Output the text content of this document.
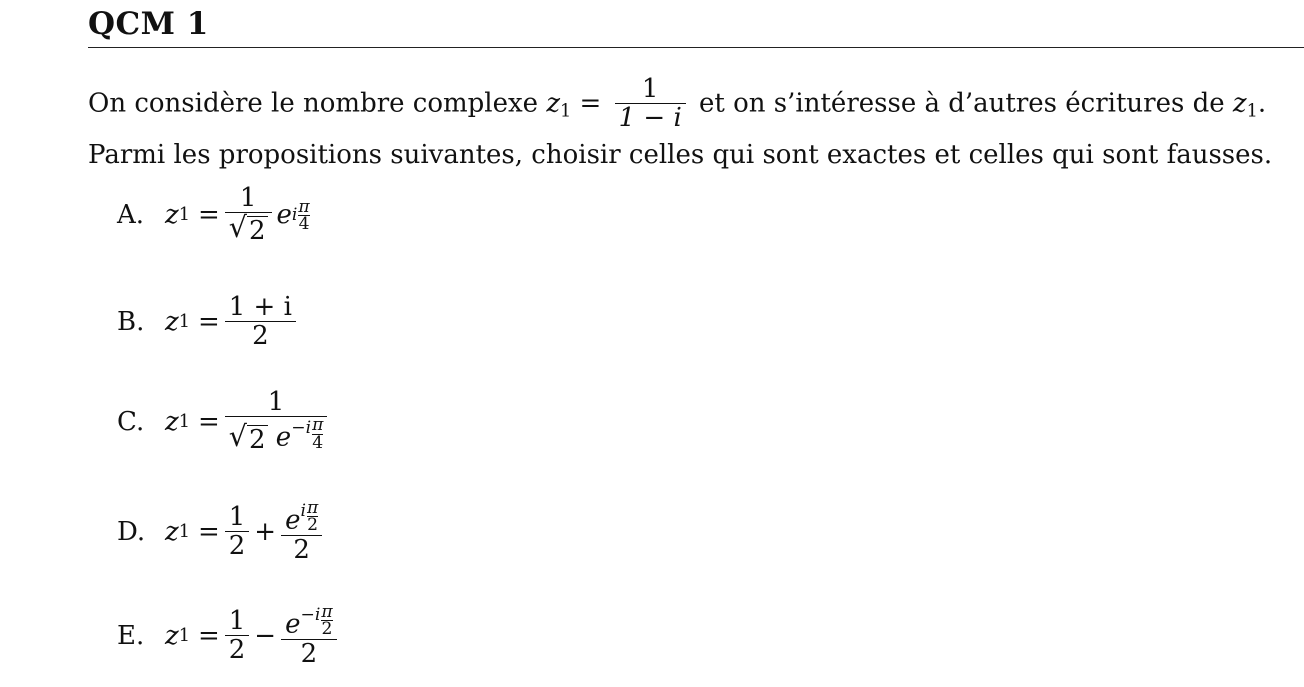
QCM 1
On considère le nombre complexe $z_1 = \frac{1}{1 - i}$ et on s’intéresse à d’autres écritures de $z_1$.
Parmi les propositions suivantes, choisir celles qui sont exactes et celles qui sont fausses.
A. z $1 = \frac{1}{√ 2}$ e i $\frac{\pi}{4}$
B. z $1 = \frac{1 + i}{2}$
C. z $1 = \frac{1}{√ 2 e^{-i} \frac{\pi}{4}}$
D. z $1 = \frac{1}{2} + \frac{e^i \frac{\pi}{2}}{2}$
E. z $1 = \frac{1}{2} - \frac{e^{-i} \frac{\pi}{2}}{2}$
